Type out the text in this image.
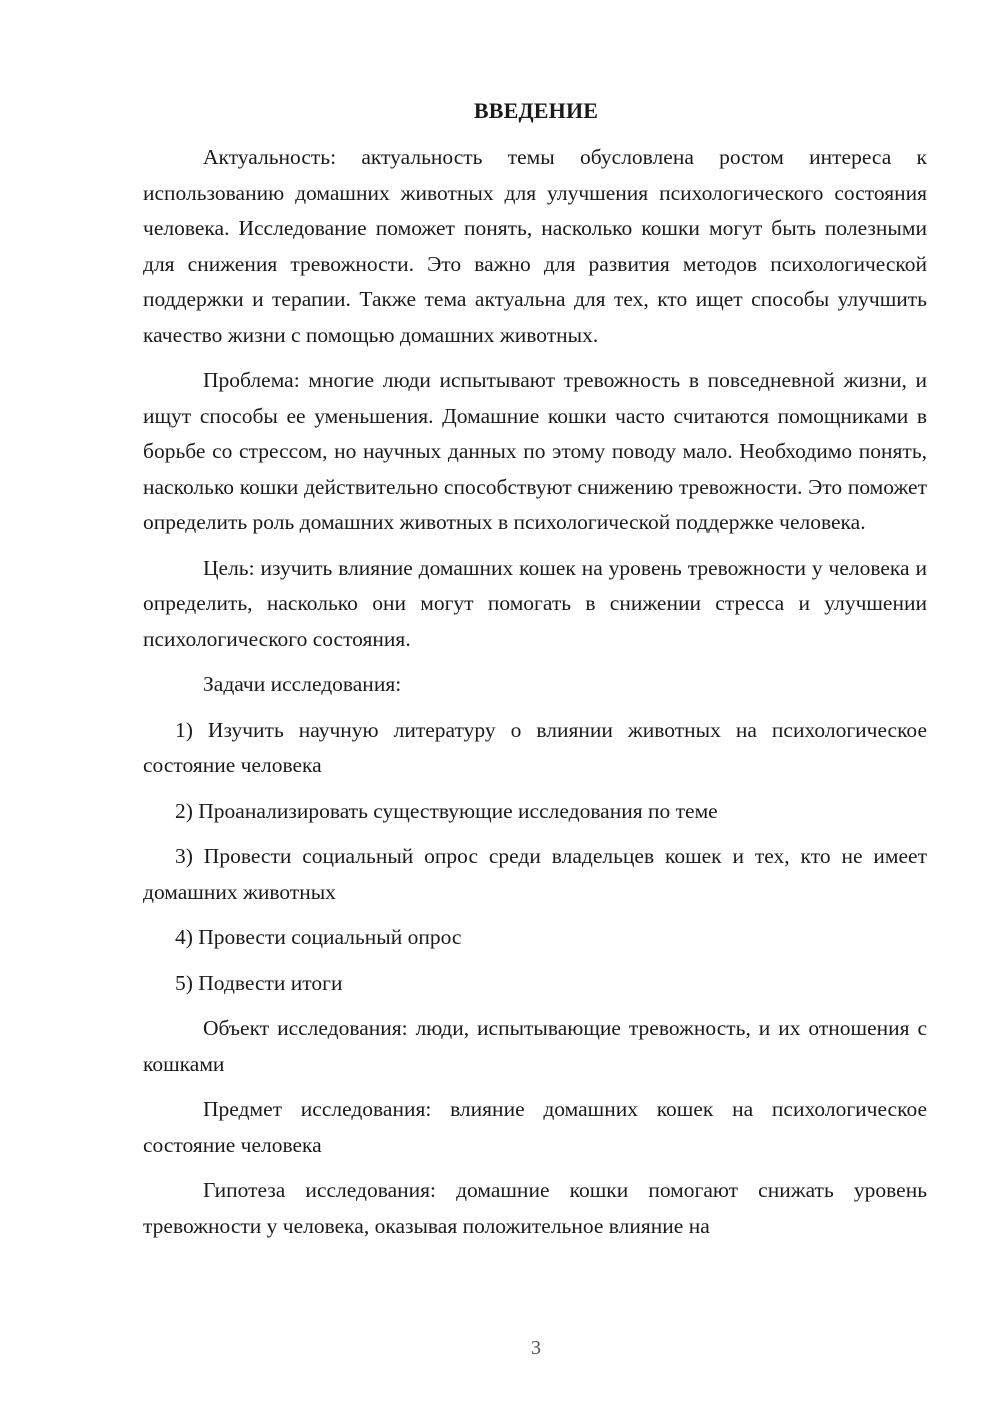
ВВЕДЕНИЕ

Актуальность: актуальность темы обусловлена ростом интереса к использованию домашних животных для улучшения психологического состояния человека. Исследование поможет понять, насколько кошки могут быть полезными для снижения тревожности. Это важно для развития методов психологической поддержки и терапии. Также тема актуальна для тех, кто ищет способы улучшить качество жизни с помощью домашних животных.

Проблема: многие люди испытывают тревожность в повседневной жизни, и ищут способы ее уменьшения. Домашние кошки часто считаются помощниками в борьбе со стрессом, но научных данных по этому поводу мало. Необходимо понять, насколько кошки действительно способствуют снижению тревожности. Это поможет определить роль домашних животных в психологической поддержке человека.

Цель: изучить влияние домашних кошек на уровень тревожности у человека и определить, насколько они могут помогать в снижении стресса и улучшении психологического состояния.

Задачи исследования:

1) Изучить научную литературу о влиянии животных на психологическое состояние человека

2) Проанализировать существующие исследования по теме

3) Провести социальный опрос среди владельцев кошек и тех, кто не имеет домашних животных

4) Провести социальный опрос

5) Подвести итоги

Объект исследования: люди, испытывающие тревожность, и их отношения с кошками

Предмет исследования: влияние домашних кошек на психологическое состояние человека

Гипотеза исследования: домашние кошки помогают снижать уровень тревожности у человека, оказывая положительное влияние на

3
